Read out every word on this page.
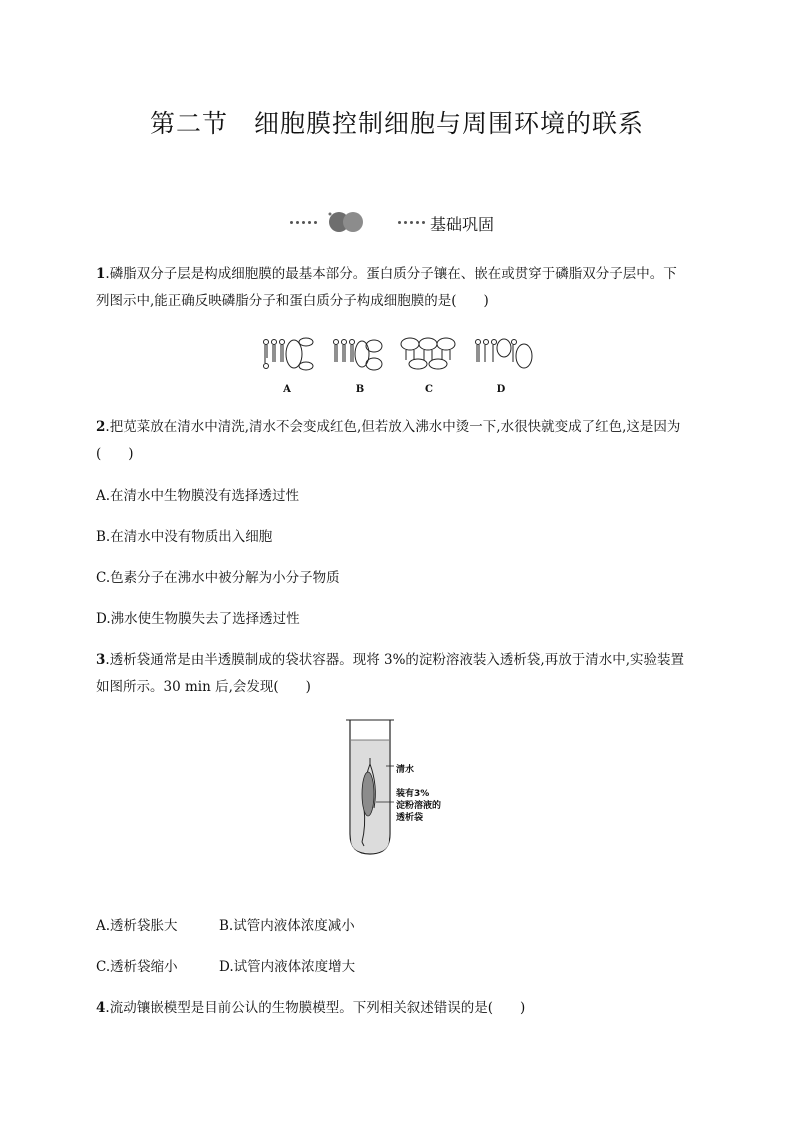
第二节 细胞膜控制细胞与周围环境的联系
基础巩固
1.磷脂双分子层是构成细胞膜的最基本部分。蛋白质分子镶在、嵌在或贯穿于磷脂双分子层中。下
列图示中,能正确反映磷脂分子和蛋白质分子构成细胞膜的是(　　)
A	B	C	D
2.把苋菜放在清水中清洗,清水不会变成红色,但若放入沸水中烫一下,水很快就变成了红色,这是因为
(　　)
A.在清水中生物膜没有选择透过性
B.在清水中没有物质出入细胞
C.色素分子在沸水中被分解为小分子物质
D.沸水使生物膜失去了选择透过性
3.透析袋通常是由半透膜制成的袋状容器。现将 3%的淀粉溶液装入透析袋,再放于清水中,实验装置
如图所示。30 min 后,会发现(　　)
清水
装有3%
淀粉溶液的
透析袋
A.透析袋胀大	B.试管内液体浓度减小
C.透析袋缩小	D.试管内液体浓度增大
4.流动镶嵌模型是目前公认的生物膜模型。下列相关叙述错误的是(　　)
